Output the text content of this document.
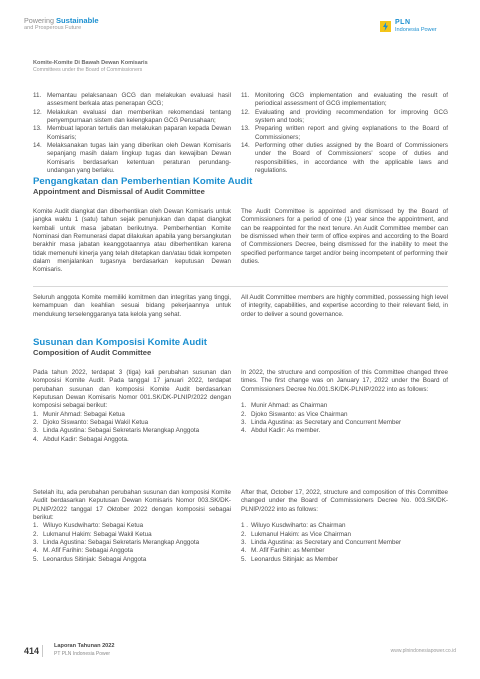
Powering Sustainable
and Prosperous Future
PLN
Indonesia Power
Komite-Komite Di Bawah Dewan Komisaris
Committees under the Board of Commissioners
11. Memantau pelaksanaan GCG dan melakukan evaluasi hasil assesment berkala atas penerapan GCG;
12. Melakukan evaluasi dan memberikan rekomendasi tentang penyempurnaan sistem dan kelengkapan GCG Perusahaan;
13. Membuat laporan tertulis dan melakukan paparan kepada Dewan Komisaris;
14. Melaksanakan tugas lain yang diberikan oleh Dewan Komisaris sepanjang masih dalam lingkup tugas dan kewajiban Dewan Komisaris berdasarkan ketentuan peraturan perundang-undangan yang berlaku.
11. Monitoring GCG implementation and evaluating the result of periodical assessment of GCG implementation;
12. Evaluating and providing recommendation for improving GCG system and tools;
13. Preparing written report and giving explanations to the Board of Commissioners;
14. Performing other duties assigned by the Board of Commissioners under the Board of Commissioners' scope of duties and responsibilities, in accordance with the applicable laws and regulations.
Pengangkatan dan Pemberhentian Komite Audit
Appointment and Dismissal of Audit Committee
Komite Audit diangkat dan diberhentikan oleh Dewan Komisaris untuk jangka waktu 1 (satu) tahun sejak penunjukan dan dapat diangkat kembali untuk masa jabatan berikutnya. Pemberhentian Komite Nominasi dan Remunerasi dapat dilakukan apabila yang bersangkutan berakhir masa jabatan keanggotaannya atau diberhentikan karena tidak memenuhi kinerja yang telah ditetapkan dan/atau tidak kompeten dalam menjalankan tugasnya berdasarkan keputusan Dewan Komisaris.
The Audit Committee is appointed and dismissed by the Board of Commissioners for a period of one (1) year since the appointment, and can be reappointed for the next tenure. An Audit Committee member can be dismissed when their term of office expires and according to the Board of Commissioners Decree, being dismissed for the inability to meet the specified performance target and/or being incompetent of performing their duties.
Seluruh anggota Komite memiliki komitmen dan integritas yang tinggi, kemampuan dan keahlian sesuai bidang pekerjaannya untuk mendukung terselenggaranya tata kelola yang sehat.
All Audit Committee members are highly committed, possessing high level of integrity, capabilities, and expertise according to their relevant field, in order to deliver a sound governance.
Susunan dan Komposisi Komite Audit
Composition of Audit Committee
Pada tahun 2022, terdapat 3 (tiga) kali perubahan susunan dan komposisi Komite Audit. Pada tanggal 17 januari 2022, terdapat perubahan susunan dan komposisi Komite Audit berdasarkan Keputusan Dewan Komisaris Nomor 001.SK/DK-PLNIP/2022 dengan komposisi sebagai berikut:
1. Munir Ahmad: Sebagai Ketua
2. Djoko Siswanto: Sebagai Wakil Ketua
3. Linda Agustina: Sebagai Sekretaris Merangkap Anggota
4. Abdul Kadir: Sebagai Anggota.
In 2022, the structure and composition of this Committee changed three times. The first change was on January 17, 2022 under the Board of Commissioners Decree No.001.SK/DK-PLNIP/2022 into as follows:
1. Munir Ahmad: as Chairman
2. Djoko Siswanto: as Vice Chairman
3. Linda Agustina: as Secretary and Concurrent Member
4. Abdul Kadir: As member.
Setelah itu, ada perubahan perubahan susunan dan komposisi Komite Audit berdasarkan Keputusan Dewan Komisaris Nomor 003.SK/DK-PLNIP/2022 tanggal 17 Oktober 2022 dengan komposisi sebagai berikut:
1. Wiluyo Kusdwiharto: Sebagai Ketua
2. Lukmanul Hakim: Sebagai Wakil Ketua
3. Linda Agustina: Sebagai Sekretaris Merangkap Anggota
4. M. Afif Farihin: Sebagai Anggota
5. Leonardus Sitinjak: Sebagai Anggota
After that, October 17, 2022, structure and composition of this Committee changed under the Board of Commissioners Decree No. 003.SK/DK-PLNIP/2022 into as follows:
1 . Wiluyo Kusdwiharto: as Chairman
2. Lukmanul Hakim: as Vice Chairman
3. Linda Agustina: as Secretary and Concurrent Member
4. M. Afif Farihin: as Member
5. Leonardus Sitinjak: as Member
414	Laporan Tahunan 2022
PT PLN Indonesia Power	www.plnindonesiapower.co.id
